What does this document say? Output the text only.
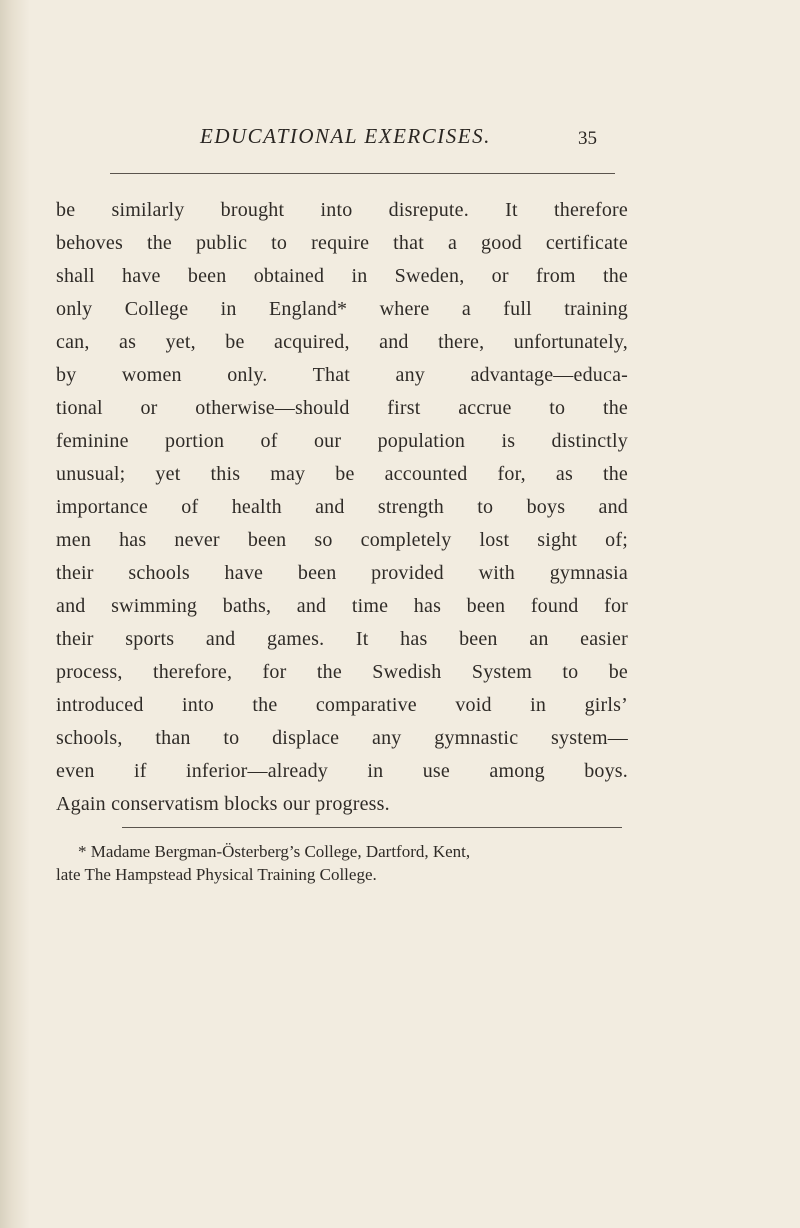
EDUCATIONAL EXERCISES.	35
be similarly brought into disrepute. It therefore
behoves the public to require that a good certificate
shall have been obtained in Sweden, or from the
only College in England* where a full training
can, as yet, be acquired, and there, unfortunately,
by women only. That any advantage—educa-
tional or otherwise—should first accrue to the
feminine portion of our population is distinctly
unusual; yet this may be accounted for, as the
importance of health and strength to boys and
men has never been so completely lost sight of;
their schools have been provided with gymnasia
and swimming baths, and time has been found for
their sports and games. It has been an easier
process, therefore, for the Swedish System to be
introduced into the comparative void in girls’
schools, than to displace any gymnastic system—
even if inferior—already in use among boys.
Again conservatism blocks our progress.
* Madame Bergman-Österberg’s College, Dartford, Kent,
late The Hampstead Physical Training College.
